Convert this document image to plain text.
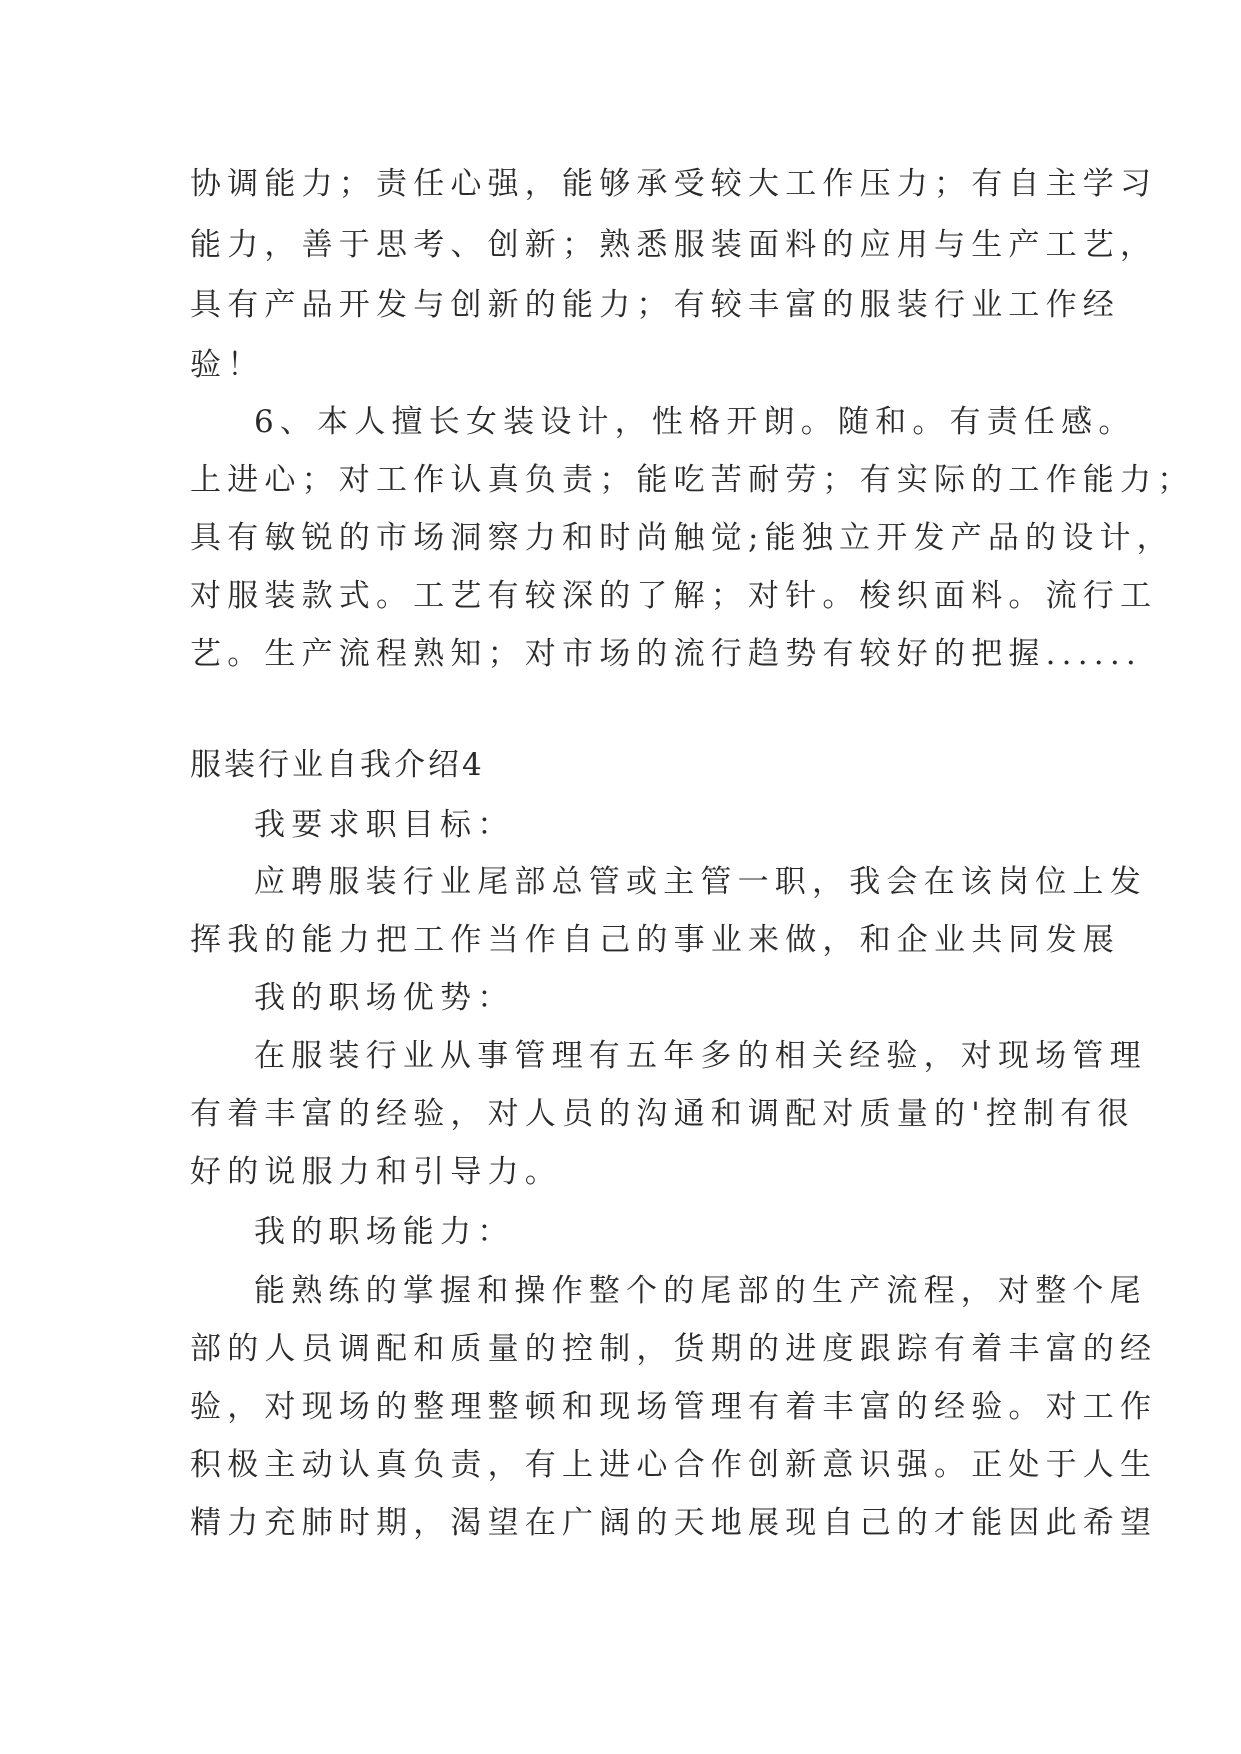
协调能力；责任心强，能够承受较大工作压力；有自主学习
能力，善于思考、创新；熟悉服装面料的应用与生产工艺，
具有产品开发与创新的能力；有较丰富的服装行业工作经
验！
6、本人擅长女装设计，性格开朗。随和。有责任感。
上进心；对工作认真负责；能吃苦耐劳；有实际的工作能力；
具有敏锐的市场洞察力和时尚触觉;能独立开发产品的设计，
对服装款式。工艺有较深的了解；对针。梭织面料。流行工
艺。生产流程熟知；对市场的流行趋势有较好的把握......
服装行业自我介绍4
我要求职目标：
应聘服装行业尾部总管或主管一职，我会在该岗位上发
挥我的能力把工作当作自己的事业来做，和企业共同发展
我的职场优势：
在服装行业从事管理有五年多的相关经验，对现场管理
有着丰富的经验，对人员的沟通和调配对质量的'控制有很
好的说服力和引导力。
我的职场能力：
能熟练的掌握和操作整个的尾部的生产流程，对整个尾
部的人员调配和质量的控制，货期的进度跟踪有着丰富的经
验，对现场的整理整顿和现场管理有着丰富的经验。对工作
积极主动认真负责，有上进心合作创新意识强。正处于人生
精力充肺时期，渴望在广阔的天地展现自己的才能因此希望
